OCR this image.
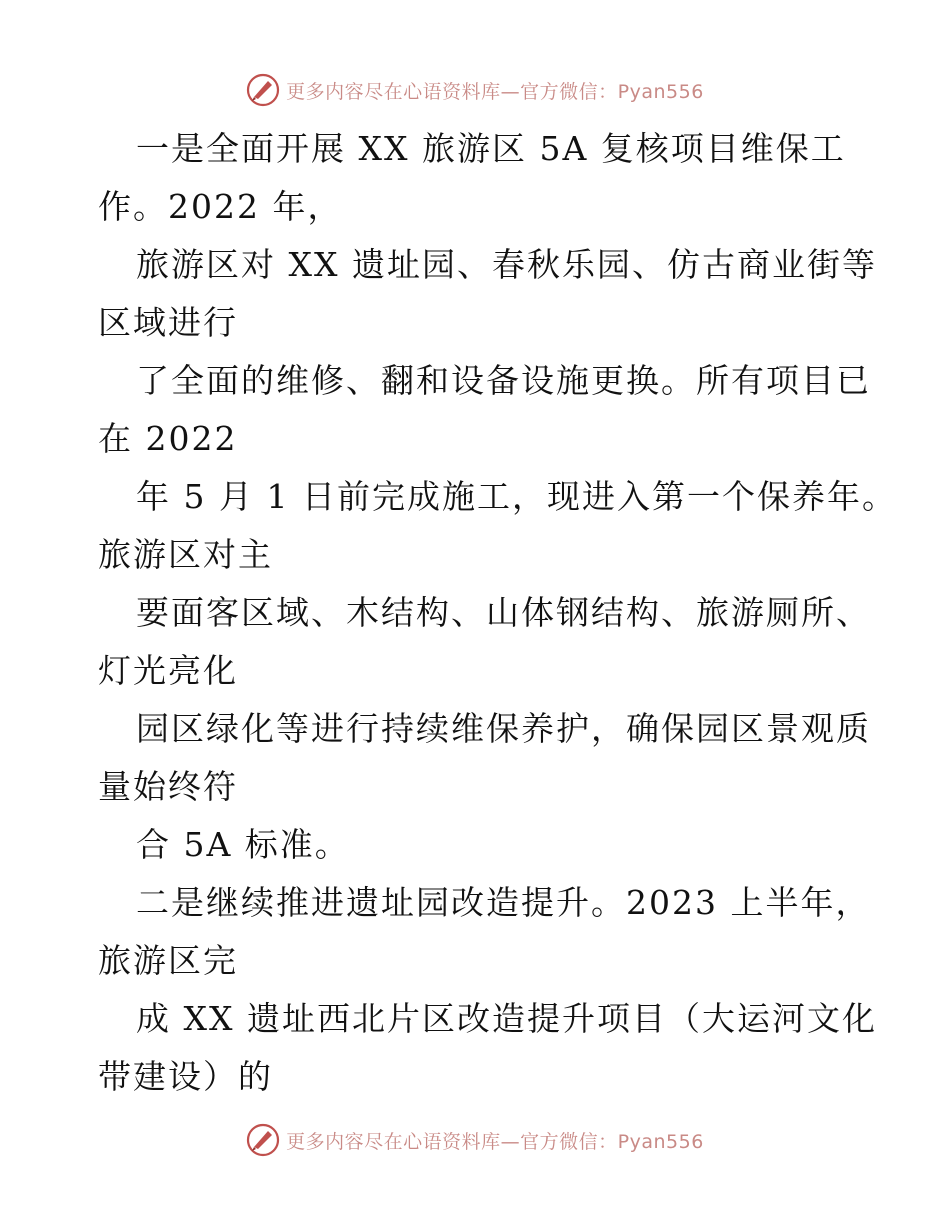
更多内容尽在心语资料库—官方微信：Pyan556
一是全面开展 XX 旅游区 5A 复核项目维保工
作。2022 年，
旅游区对 XX 遗址园、春秋乐园、仿古商业街等
区域进行
了全面的维修、翻和设备设施更换。所有项目已
在 2022
年 5 月 1 日前完成施工，现进入第一个保养年。
旅游区对主
要面客区域、木结构、山体钢结构、旅游厕所、
灯光亮化
园区绿化等进行持续维保养护，确保园区景观质
量始终符
合 5A 标准。
二是继续推进遗址园改造提升。2023 上半年，
旅游区完
成 XX 遗址西北片区改造提升项目（大运河文化
带建设）的
更多内容尽在心语资料库—官方微信：Pyan556
